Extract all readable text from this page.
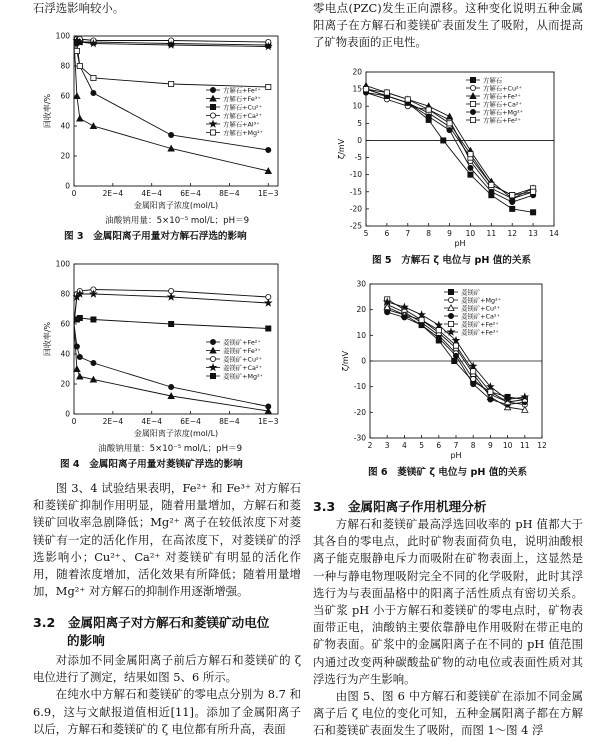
石浮选影响较小。

0	2E−4 4E−4 6E−4 8E−4 1E−3
0
20
40
60
80
100
金属阳离子浓度(mol/L)
回收率/%
方解石+Fe²⁺
方解石+Fe³⁺
方解石+Cu²⁺
方解石+Ca²⁺
方解石+Al³⁺
方解石+Mg²⁺
油酸钠用量：5×10⁻⁵ mol/L；pH＝9
图 3　金属阳离子用量对方解石浮选的影响
0	2E−4 4E−4 6E−4 8E−4 1E−3
0
20
40
60
80
100
金属阳离子浓度(mol/L)
回收率/%	菱镁矿+Fe²⁺
菱镁矿+Fe³⁺
菱镁矿+Cu²⁺
菱镁矿+Ca²⁺
菱镁矿+Mg²⁺
油酸钠用量：5×10⁻⁵ mol/L；pH＝9
图 4　金属阳离子用量对菱镁矿浮选的影响

图 3、4 试验结果表明，Fe²⁺ 和 Fe³⁺ 对方解石和菱镁矿抑制作用明显，随着用量增加，方解石和菱镁矿回收率急剧降低；Mg²⁺ 离子在较低浓度下对菱镁矿有一定的活化作用，在高浓度下，对菱镁矿的浮选影响小；Cu²⁺、Ca²⁺ 对菱镁矿有明显的活化作用，随着浓度增加，活化效果有所降低；随着用量增加，Mg²⁺ 对方解石的抑制作用逐渐增强。

3.2　金属阳离子对方解石和菱镁矿动电位
的影响

对添加不同金属阳离子前后方解石和菱镁矿的 ζ 电位进行了测定，结果如图 5、6 所示。

在纯水中方解石和菱镁矿的零电点分别为 8.7 和 6.9，这与文献报道值相近[11]。添加了金属阳离子以后，方解石和菱镁矿的 ζ 电位都有所升高，表面

零电点(PZC)发生正向漂移。这种变化说明五种金属阳离子在方解石和菱镁矿表面发生了吸附，从而提高了矿物表面的正电性。

5 6 7 8 9 10 11 12 13 14
-25
-20
-15
-10
-5
0
5
10
15
20
pH
ζ/mV
方解石
方解石+Cu²⁺
方解石+Fe³⁺
方解石+Ca²⁺
方解石+Mg²⁺
方解石+Fe²⁺
图 5　方解石 ζ 电位与 pH 值的关系
2 3 4 5 6 7 8 9 10 11 12
-30
-20
-10
0
10
20
30
pH
ζ/mV
菱镁矿
菱镁矿+Mg²⁺
菱镁矿+Cu²⁺
菱镁矿+Ca²⁺
菱镁矿+Fe²⁺
菱镁矿+Fe³⁺
图 6　菱镁矿 ζ 电位与 pH 值的关系
3.3　金属阳离子作用机理分析

方解石和菱镁矿最高浮选回收率的 pH 值都大于其各自的零电点，此时矿物表面荷负电，说明油酸根离子能克服静电斥力而吸附在矿物表面上，这显然是一种与静电物理吸附完全不同的化学吸附，此时其浮选行为与表面晶格中的阳离子活性质点有密切关系。当矿浆 pH 小于方解石和菱镁矿的零电点时，矿物表面带正电，油酸钠主要依靠静电作用吸附在带正电的矿物表面。矿浆中的金属阳离子在不同的 pH 值范围内通过改变两种碳酸盐矿物的动电位或表面性质对其浮选行为产生影响。

由图 5、图 6 中方解石和菱镁矿在添加不同金属离子后 ζ 电位的变化可知，五种金属阳离子都在方解石和菱镁矿表面发生了吸附，而图 1～图 4 浮
